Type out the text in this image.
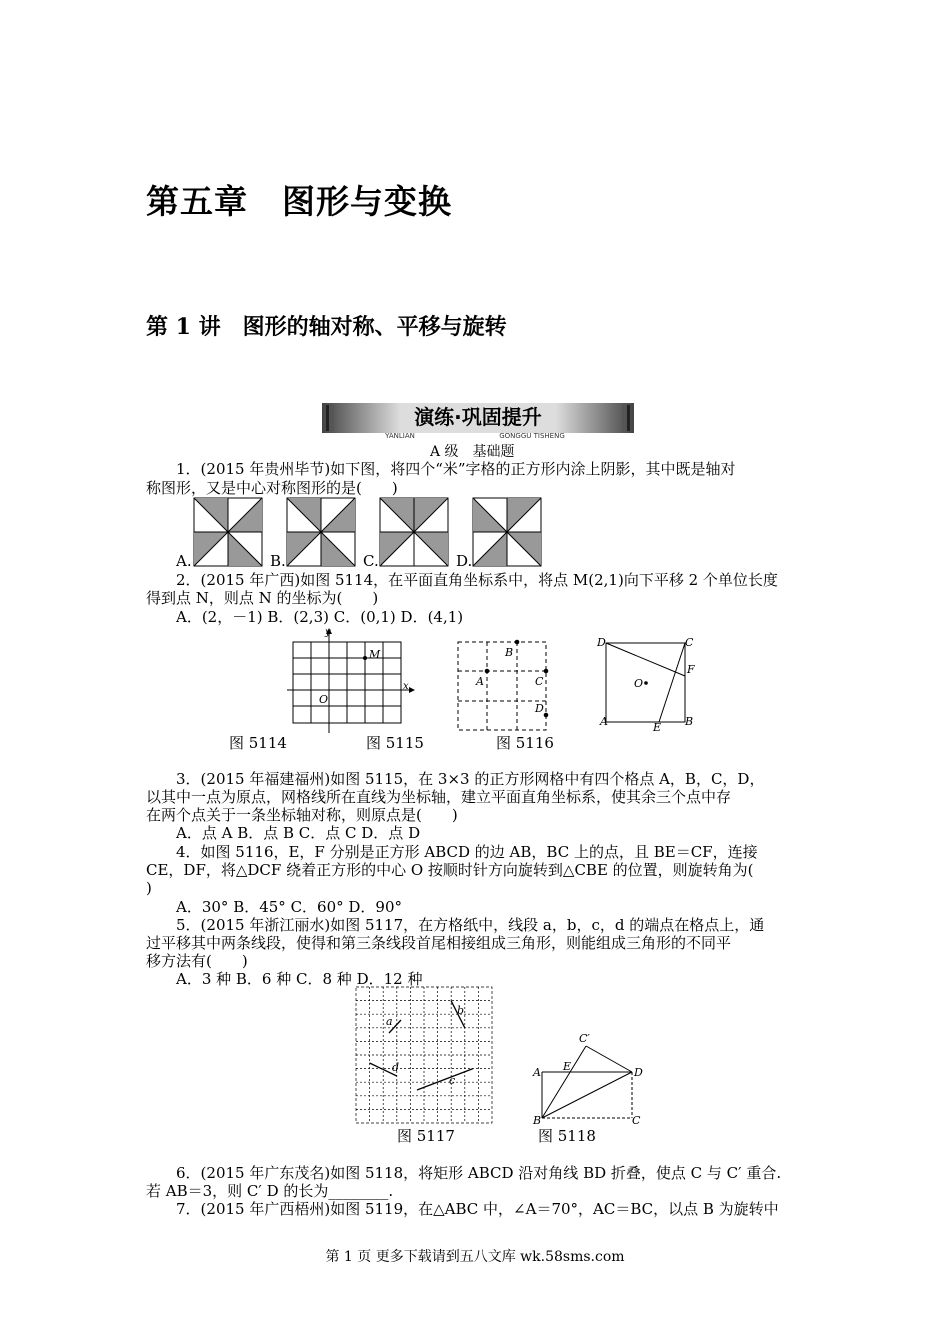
第五章　图形与变换
第 1 讲　图形的轴对称、平移与旋转
演练·巩固提升
YANLIAN	GONGGU TISHENG
A 级　基础题
1．(2015 年贵州毕节)如下图，将四个“米”字格的正方形内涂上阴影，其中既是轴对
称图形，又是中心对称图形的是(　　)
A.	B.	C.	D.
2．(2015 年广西)如图 5114，在平面直角坐标系中，将点 M(2,1)向下平移 2 个单位长度
得到点 N，则点 N 的坐标为(　　)
A．(2，－1) B．(2,3) C．(0,1) D．(4,1)
y
x
O
M	B
A	C
D
D	C
F
O
A	B
E
图 5114	图 5115	图 5116
3．(2015 年福建福州)如图 5115，在 3×3 的正方形网格中有四个格点 A，B，C，D，
以其中一点为原点，网格线所在直线为坐标轴，建立平面直角坐标系，使其余三个点中存
在两个点关于一条坐标轴对称，则原点是(　　)
A．点 A B．点 B C．点 C D．点 D
4．如图 5116，E，F 分别是正方形 ABCD 的边 AB，BC 上的点，且 BE＝CF，连接
CE，DF，将△DCF 绕着正方形的中心 O 按顺时针方向旋转到△CBE 的位置，则旋转角为(
)
A．30° B．45° C．60° D．90°
5．(2015 年浙江丽水)如图 5117，在方格纸中，线段 a，b，c，d 的端点在格点上，通
过平移其中两条线段，使得和第三条线段首尾相接组成三角形，则能组成三角形的不同平
移方法有(　　)
A．3 种 B．6 种 C．8 种 D．12 种
a
b
c
d
C′
A E	D
B	C
图 5117	图 5118
6．(2015 年广东茂名)如图 5118，将矩形 ABCD 沿对角线 BD 折叠，使点 C 与 C′ 重合.
若 AB＝3，则 C′ D 的长为________.
7．(2015 年广西梧州)如图 5119，在△ABC 中，∠A＝70°，AC＝BC，以点 B 为旋转中
第 1 页 更多下载请到五八文库 wk.58sms.com
